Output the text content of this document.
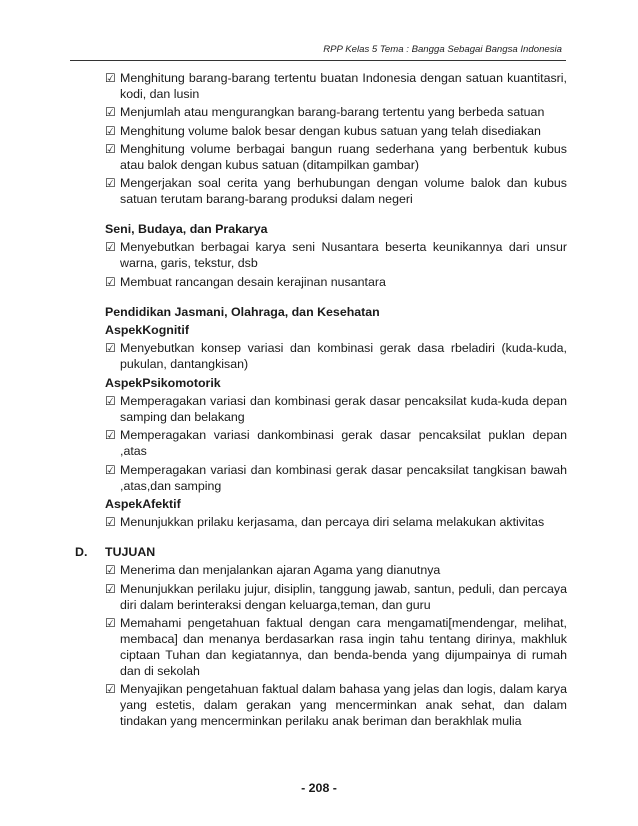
RPP Kelas 5 Tema : Bangga Sebagai Bangsa Indonesia
☑ Menghitung barang-barang tertentu buatan Indonesia dengan satuan kuantitasri, kodi, dan lusin
☑ Menjumlah atau mengurangkan barang-barang tertentu yang berbeda satuan
☑ Menghitung volume balok besar dengan kubus satuan yang telah disediakan
☑ Menghitung volume berbagai bangun ruang sederhana yang berbentuk kubus atau balok dengan kubus satuan (ditampilkan gambar)
☑ Mengerjakan soal cerita yang berhubungan dengan volume balok dan kubus satuan terutam barang-barang produksi dalam negeri
Seni, Budaya, dan Prakarya
☑ Menyebutkan berbagai karya seni Nusantara beserta keunikannya dari unsur warna, garis, tekstur, dsb
☑ Membuat rancangan desain kerajinan nusantara
Pendidikan Jasmani, Olahraga, dan Kesehatan
AspekKognitif
☑ Menyebutkan konsep variasi dan kombinasi gerak dasa rbeladiri (kuda-kuda, pukulan, dantangkisan)
AspekPsikomotorik
☑ Memperagakan variasi dan kombinasi gerak dasar pencaksilat kuda-kuda depan samping dan belakang
☑ Memperagakan variasi dankombinasi gerak dasar pencaksilat puklan depan ,atas
☑ Memperagakan variasi dan kombinasi gerak dasar pencaksilat tangkisan bawah ,atas,dan samping
AspekAfektif
☑ Menunjukkan prilaku kerjasama, dan percaya diri selama melakukan aktivitas
D.	TUJUAN
☑ Menerima dan menjalankan ajaran Agama yang dianutnya
☑ Menunjukkan perilaku jujur, disiplin, tanggung jawab, santun, peduli, dan percaya diri dalam berinteraksi dengan keluarga,teman, dan guru
☑ Memahami pengetahuan faktual dengan cara mengamati[mendengar, melihat, membaca] dan menanya berdasarkan rasa ingin tahu tentang dirinya, makhluk ciptaan Tuhan dan kegiatannya, dan benda-benda yang dijumpainya di rumah dan di sekolah
☑ Menyajikan pengetahuan faktual dalam bahasa yang jelas dan logis, dalam karya yang estetis, dalam gerakan yang mencerminkan anak sehat, dan dalam tindakan yang mencerminkan perilaku anak beriman dan berakhlak mulia
- 208 -
